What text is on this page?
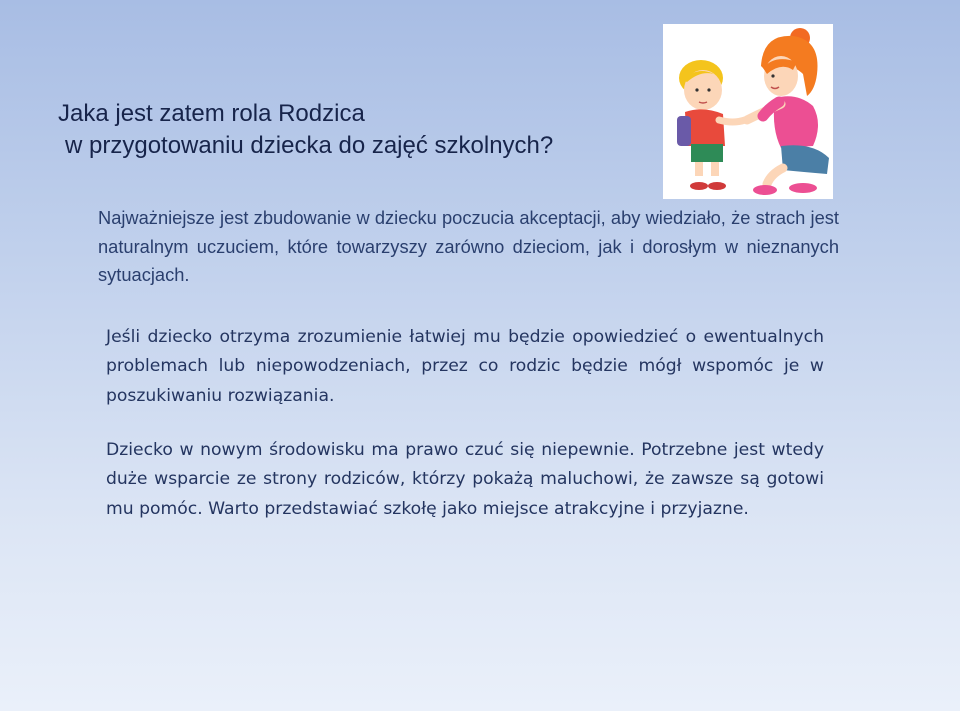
Jaka jest zatem rola Rodzica
w przygotowaniu dziecka do zajęć szkolnych?
Najważniejsze jest zbudowanie w dziecku poczucia akceptacji, aby wiedziało, że strach jest naturalnym uczuciem, które towarzyszy zarówno dzieciom, jak i dorosłym w nieznanych sytuacjach.
Jeśli dziecko otrzyma zrozumienie łatwiej mu będzie opowiedzieć o ewentualnych problemach lub niepowodzeniach, przez co rodzic będzie mógł wspomóc je w poszukiwaniu rozwiązania.
Dziecko w nowym środowisku ma prawo czuć się niepewnie. Potrzebne jest wtedy duże wsparcie ze strony rodziców, którzy pokażą maluchowi, że zawsze są gotowi mu pomóc. Warto przedstawiać szkołę jako miejsce atrakcyjne i przyjazne.
